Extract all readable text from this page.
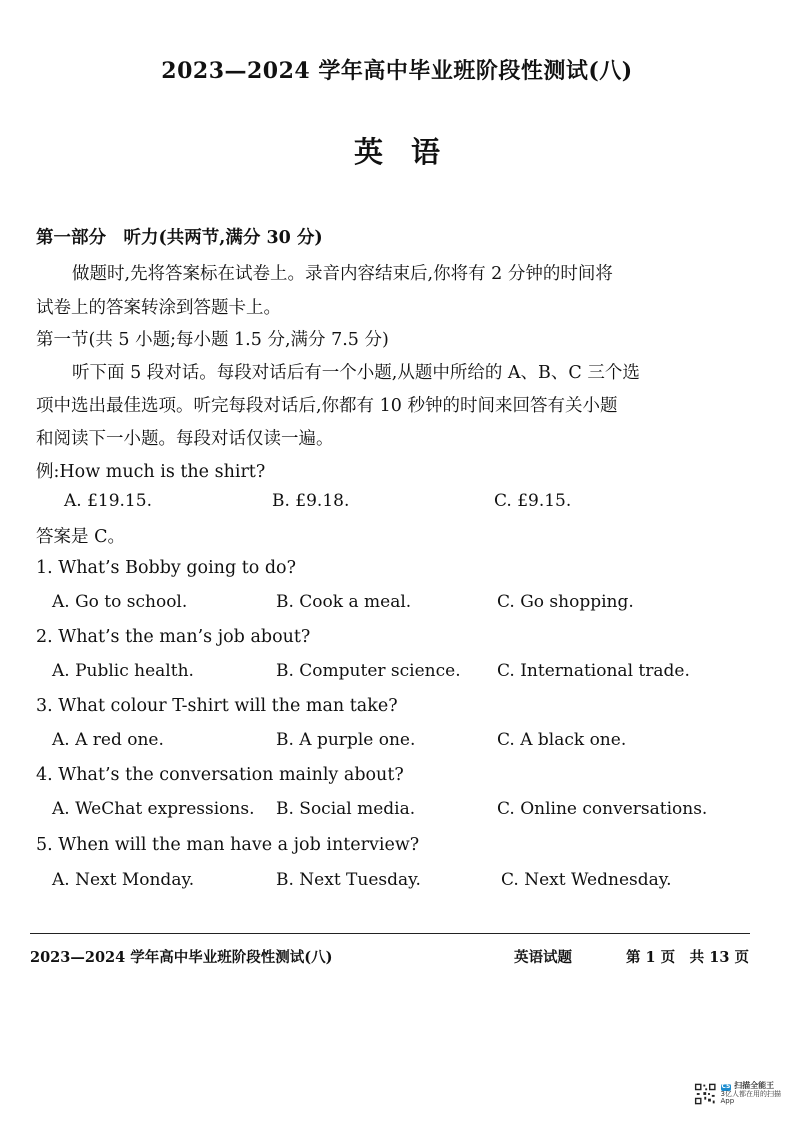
2023—2024 学年高中毕业班阶段性测试(八)
英语
第一部分　听力(共两节,满分 30 分)
做题时,先将答案标在试卷上。录音内容结束后,你将有 2 分钟的时间将
试卷上的答案转涂到答题卡上。
第一节(共 5 小题;每小题 1.5 分,满分 7.5 分)
听下面 5 段对话。每段对话后有一个小题,从题中所给的 A、B、C 三个选
项中选出最佳选项。听完每段对话后,你都有 10 秒钟的时间来回答有关小题
和阅读下一小题。每段对话仅读一遍。
例:How much is the shirt?
A. £19.15.	B. £9.18.	C. £9.15.
答案是 C。
1. What’s Bobby going to do?
A. Go to school.	B. Cook a meal.	C. Go shopping.
2. What’s the man’s job about?
A. Public health.	B. Computer science. C. International trade.
3. What colour T-shirt will the man take?
A. A red one.	B. A purple one.	C. A black one.
4. What’s the conversation mainly about?
A. WeChat expressions. B. Social media.	C. Online conversations.
5. When will the man have a job interview?
A. Next Monday.	B. Next Tuesday.	C. Next Wednesday.
2023—2024 学年高中毕业班阶段性测试(八)	英语试题	第 1 页　共 13 页
CS 扫描全能王
3亿人都在用的扫描App
